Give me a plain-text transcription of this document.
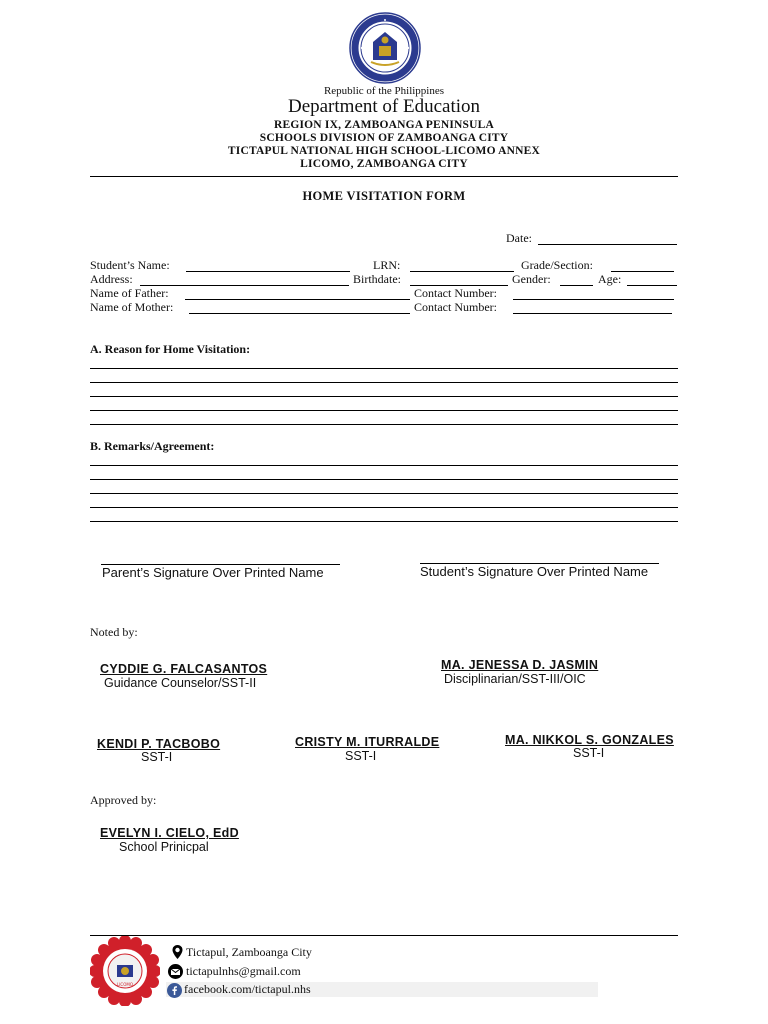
Republic of the Philippines
Department of Education
REGION IX, ZAMBOANGA PENINSULA
SCHOOLS DIVISION OF ZAMBOANGA CITY
TICTAPUL NATIONAL HIGH SCHOOL-LICOMO ANNEX
LICOMO, ZAMBOANGA CITY
HOME VISITATION FORM
Date:
Student’s Name:	LRN:	Grade/Section:
Address:	Birthdate:	Gender:	Age:
Name of Father:	Contact Number:
Name of Mother:	Contact Number:
A. Reason for Home Visitation:
B. Remarks/Agreement:
Parent’s Signature Over Printed Name	Student’s Signature Over Printed Name
Noted by:
CYDDIE G. FALCASANTOS
Guidance Counselor/SST-II
MA. JENESSA D. JASMIN
Disciplinarian/SST-III/OIC
KENDI P. TACBOBO
SST-I
CRISTY M. ITURRALDE
SST-I
MA. NIKKOL S. GONZALES
SST-I
Approved by:
EVELYN I. CIELO, EdD
School Prinicpal
LICOMO
Tictapul, Zamboanga City
tictapulnhs@gmail.com
facebook.com/tictapul.nhs
